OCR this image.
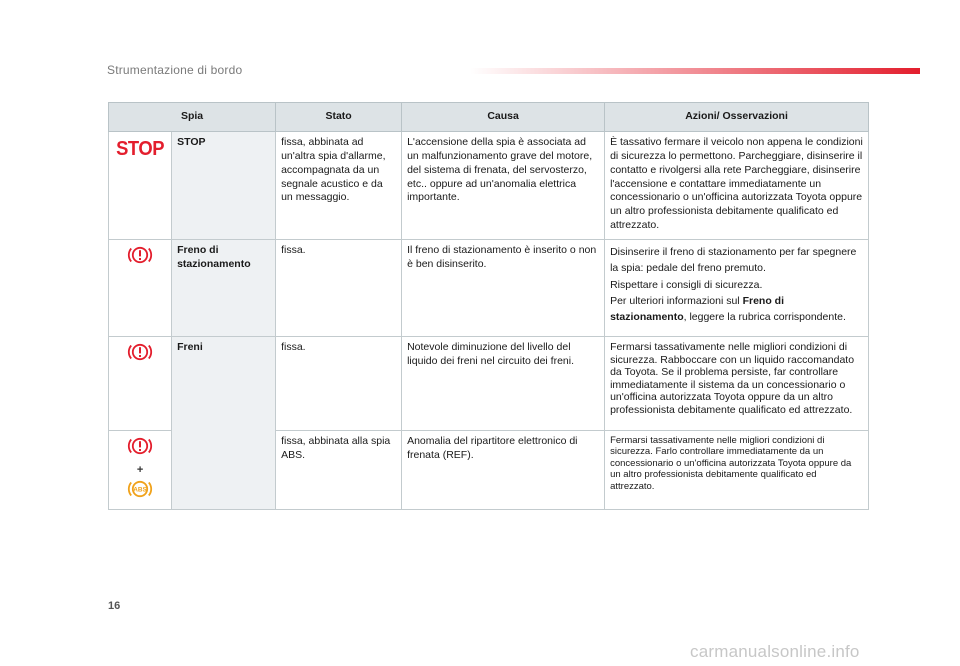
Strumentazione di bordo
Spia		Stato	Causa	Azioni/ Osservazioni
STOP	STOP	fissa, abbinata ad un'altra spia d'allarme, accompagnata da un segnale acustico e da un messaggio.	L'accensione della spia è associata ad un malfunzionamento grave del motore, del sistema di frenata, del servosterzo, etc.. oppure ad un'anomalia elettrica importante.	È tassativo fermare il veicolo non appena le condizioni di sicurezza lo permettono. Parcheggiare, disinserire il contatto e rivolgersi alla rete Parcheggiare, disinserire l'accensione e contattare immediatamente un concessionario o un'officina autorizzata Toyota oppure un altro professionista debitamente qualificato ed attrezzato.
	Freno di stazionamento	fissa.	Il freno di stazionamento è inserito o non è ben disinserito.	Disinserire il freno di stazionamento per far spegnere la spia: pedale del freno premuto.
Rispettare i consigli di sicurezza.
Per ulteriori informazioni sul Freno di stazionamento, leggere la rubrica corrispondente.

	Freni	fissa.	Notevole diminuzione del livello del liquido dei freni nel circuito dei freni.	Fermarsi tassativamente nelle migliori condizioni di sicurezza. Rabboccare con un liquido raccomandato da Toyota. Se il problema persiste, far controllare immediatamente il sistema da un concessionario o un'officina autorizzata Toyota oppure da un altro professionista debitamente qualificato ed attrezzato.

+
ABS		fissa, abbinata alla spia ABS.	Anomalia del ripartitore elettronico di frenata (REF).	Fermarsi tassativamente nelle migliori condizioni di sicurezza. Farlo controllare immediatamente da un concessionario o un'officina autorizzata Toyota oppure da un altro professionista debitamente qualificato ed attrezzato.
16
carmanualsonline.info
